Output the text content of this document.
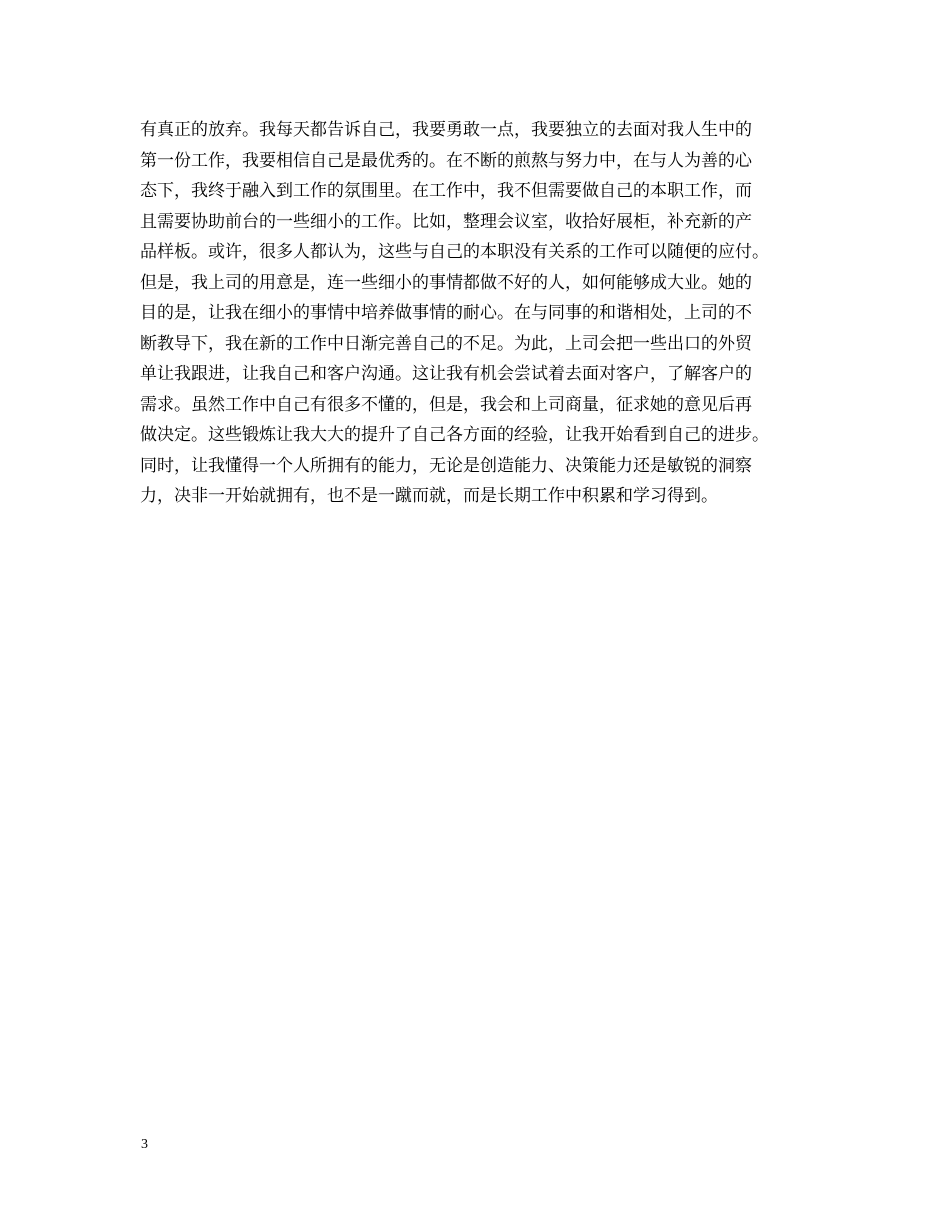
有真正的放弃。我每天都告诉自己，我要勇敢一点，我要独立的去面对我人生中的
第一份工作，我要相信自己是最优秀的。在不断的煎熬与努力中，在与人为善的心
态下，我终于融入到工作的氛围里。在工作中，我不但需要做自己的本职工作，而
且需要协助前台的一些细小的工作。比如，整理会议室，收拾好展柜，补充新的产
品样板。或许，很多人都认为，这些与自己的本职没有关系的工作可以随便的应付。
但是，我上司的用意是，连一些细小的事情都做不好的人，如何能够成大业。她的
目的是，让我在细小的事情中培养做事情的耐心。在与同事的和谐相处，上司的不
断教导下，我在新的工作中日渐完善自己的不足。为此，上司会把一些出口的外贸
单让我跟进，让我自己和客户沟通。这让我有机会尝试着去面对客户，了解客户的
需求。虽然工作中自己有很多不懂的，但是，我会和上司商量，征求她的意见后再
做决定。这些锻炼让我大大的提升了自己各方面的经验，让我开始看到自己的进步。
同时，让我懂得一个人所拥有的能力，无论是创造能力、决策能力还是敏锐的洞察
力，决非一开始就拥有，也不是一蹴而就，而是长期工作中积累和学习得到。
3
